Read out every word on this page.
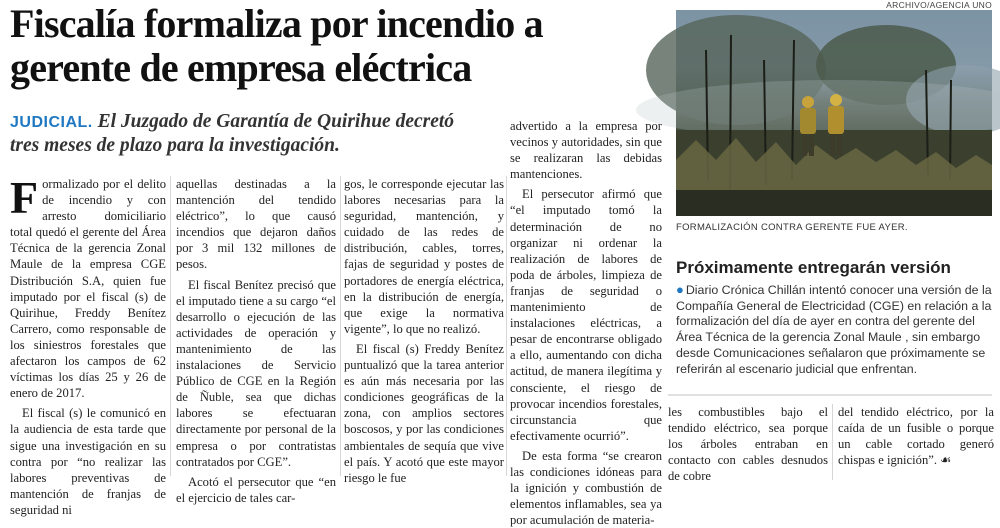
Fiscalía formaliza por incendio a gerente de empresa eléctrica
JUDICIAL. El Juzgado de Garantía de Quirihue decretó tres meses de plazo para la investigación.

F ormalizado por el delito de incendio y con arresto domiciliario total quedó el gerente del Área Técnica de la gerencia Zonal Maule de la empresa CGE Distribución S.A, quien fue imputado por el fiscal (s) de Quirihue, Freddy Benítez Carrero, como responsable de los siniestros forestales que afectaron los campos de 62 víctimas los días 25 y 26 de enero de 2017.

El fiscal (s) le comunicó en la audiencia de esta tarde que sigue una investigación en su contra por “no realizar las labores preventivas de mantención de franjas de seguridad ni

aquellas destinadas a la mantención del tendido eléctrico”, lo que causó incendios que dejaron daños por 3 mil 132 millones de pesos.

El fiscal Benítez precisó que el imputado tiene a su cargo “el desarrollo o ejecución de las actividades de operación y mantenimiento de las instalaciones de Servicio Público de CGE en la Región de Ñuble, sea que dichas labores se efectuaran directamente por personal de la empresa o por contratistas contratados por CGE”.

Acotó el persecutor que “en el ejercicio de tales car-

gos, le corresponde ejecutar las labores necesarias para la seguridad, mantención, y cuidado de las redes de distribución, cables, torres, fajas de seguridad y postes de portadores de energía eléctrica, en la distribución de energía, que exige la normativa vigente”, lo que no realizó.

El fiscal (s) Freddy Benítez puntualizó que la tarea anterior es aún más necesaria por las condiciones geográficas de la zona, con amplios sectores boscosos, y por las condiciones ambientales de sequía que vive el país. Y acotó que este mayor riesgo le fue

advertido a la empresa por vecinos y autoridades, sin que se realizaran las debidas mantenciones.

El persecutor afirmó que “el imputado tomó la determinación de no organizar ni ordenar la realización de labores de poda de árboles, limpieza de franjas de seguridad o mantenimiento de instalaciones eléctricas, a pesar de encontrarse obligado a ello, aumentando con dicha actitud, de manera ilegítima y consciente, el riesgo de provocar incendios forestales, circunstancia que efectivamente ocurrió”.

De esta forma “se crearon las condiciones idóneas para la ignición y combustión de elementos inflamables, sea ya por acumulación de materia-

ARCHIVO/AGENCIA UNO
FORMALIZACIÓN CONTRA GERENTE FUE AYER.
Próximamente entregarán versión
● Diario Crónica Chillán intentó conocer una versión de la Compañía General de Electricidad (CGE) en relación a la formalización del día de ayer en contra del gerente del Área Técnica de la gerencia Zonal Maule , sin embargo desde Comunicaciones señalaron que próximamente se referirán al escenario judicial que enfrentan.

les combustibles bajo el tendido eléctrico, sea porque los árboles entraban en contacto con cables desnudos de cobre

del tendido eléctrico, por la caída de un fusible o porque un cable cortado generó chispas e ignición”. ☙
